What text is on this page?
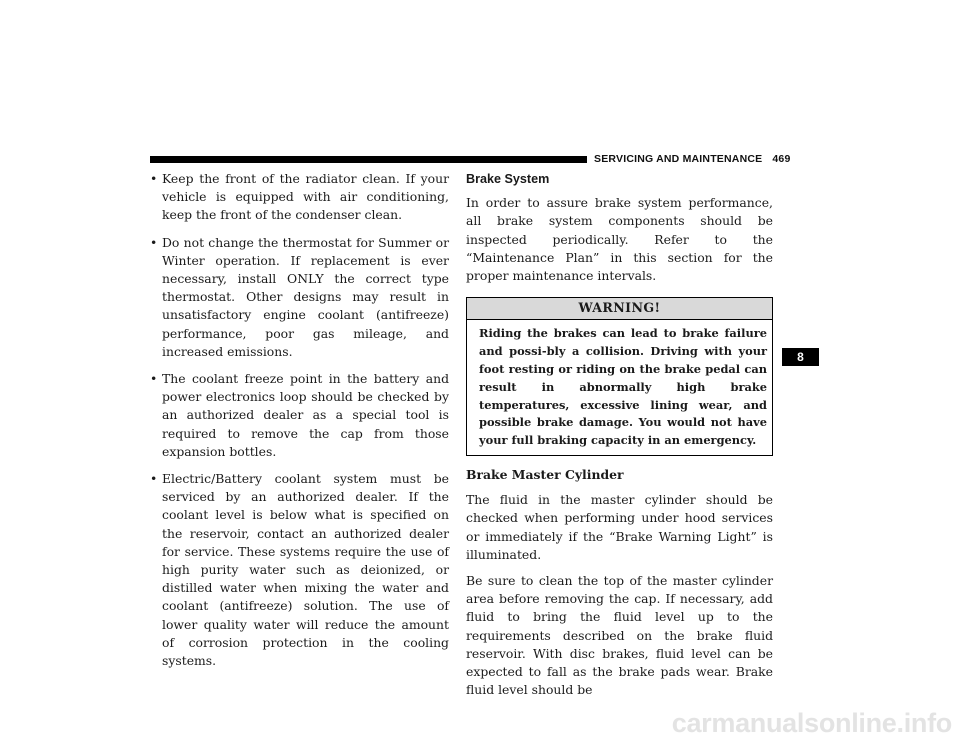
SERVICING AND MAINTENANCE 469
• Keep the front of the radiator clean. If your vehicle is equipped with air conditioning, keep the front of the condenser clean.
• Do not change the thermostat for Summer or Winter operation. If replacement is ever necessary, install ONLY the correct type thermostat. Other designs may result in unsatisfactory engine coolant (antifreeze) performance, poor gas mileage, and increased emissions.
• The coolant freeze point in the battery and power electronics loop should be checked by an authorized dealer as a special tool is required to remove the cap from those expansion bottles.
• Electric/Battery coolant system must be serviced by an authorized dealer. If the coolant level is below what is specified on the reservoir, contact an authorized dealer for service. These systems require the use of high purity water such as deionized, or distilled water when mixing the water and coolant (antifreeze) solution. The use of lower quality water will reduce the amount of corrosion protection in the cooling systems.
Brake System

In order to assure brake system performance, all brake system components should be inspected periodically. Refer to the “Maintenance Plan” in this section for the proper maintenance intervals.

WARNING!
Riding the brakes can lead to brake failure and possi-bly a collision. Driving with your foot resting or riding on the brake pedal can result in abnormally high brake temperatures, excessive lining wear, and possible brake damage. You would not have your full braking capacity in an emergency.
Brake Master Cylinder

The fluid in the master cylinder should be checked when performing under hood services or immediately if the “Brake Warning Light” is illuminated.

Be sure to clean the top of the master cylinder area before removing the cap. If necessary, add fluid to bring the fluid level up to the requirements described on the brake fluid reservoir. With disc brakes, fluid level can be expected to fall as the brake pads wear. Brake fluid level should be

8
carmanualsonline.info
